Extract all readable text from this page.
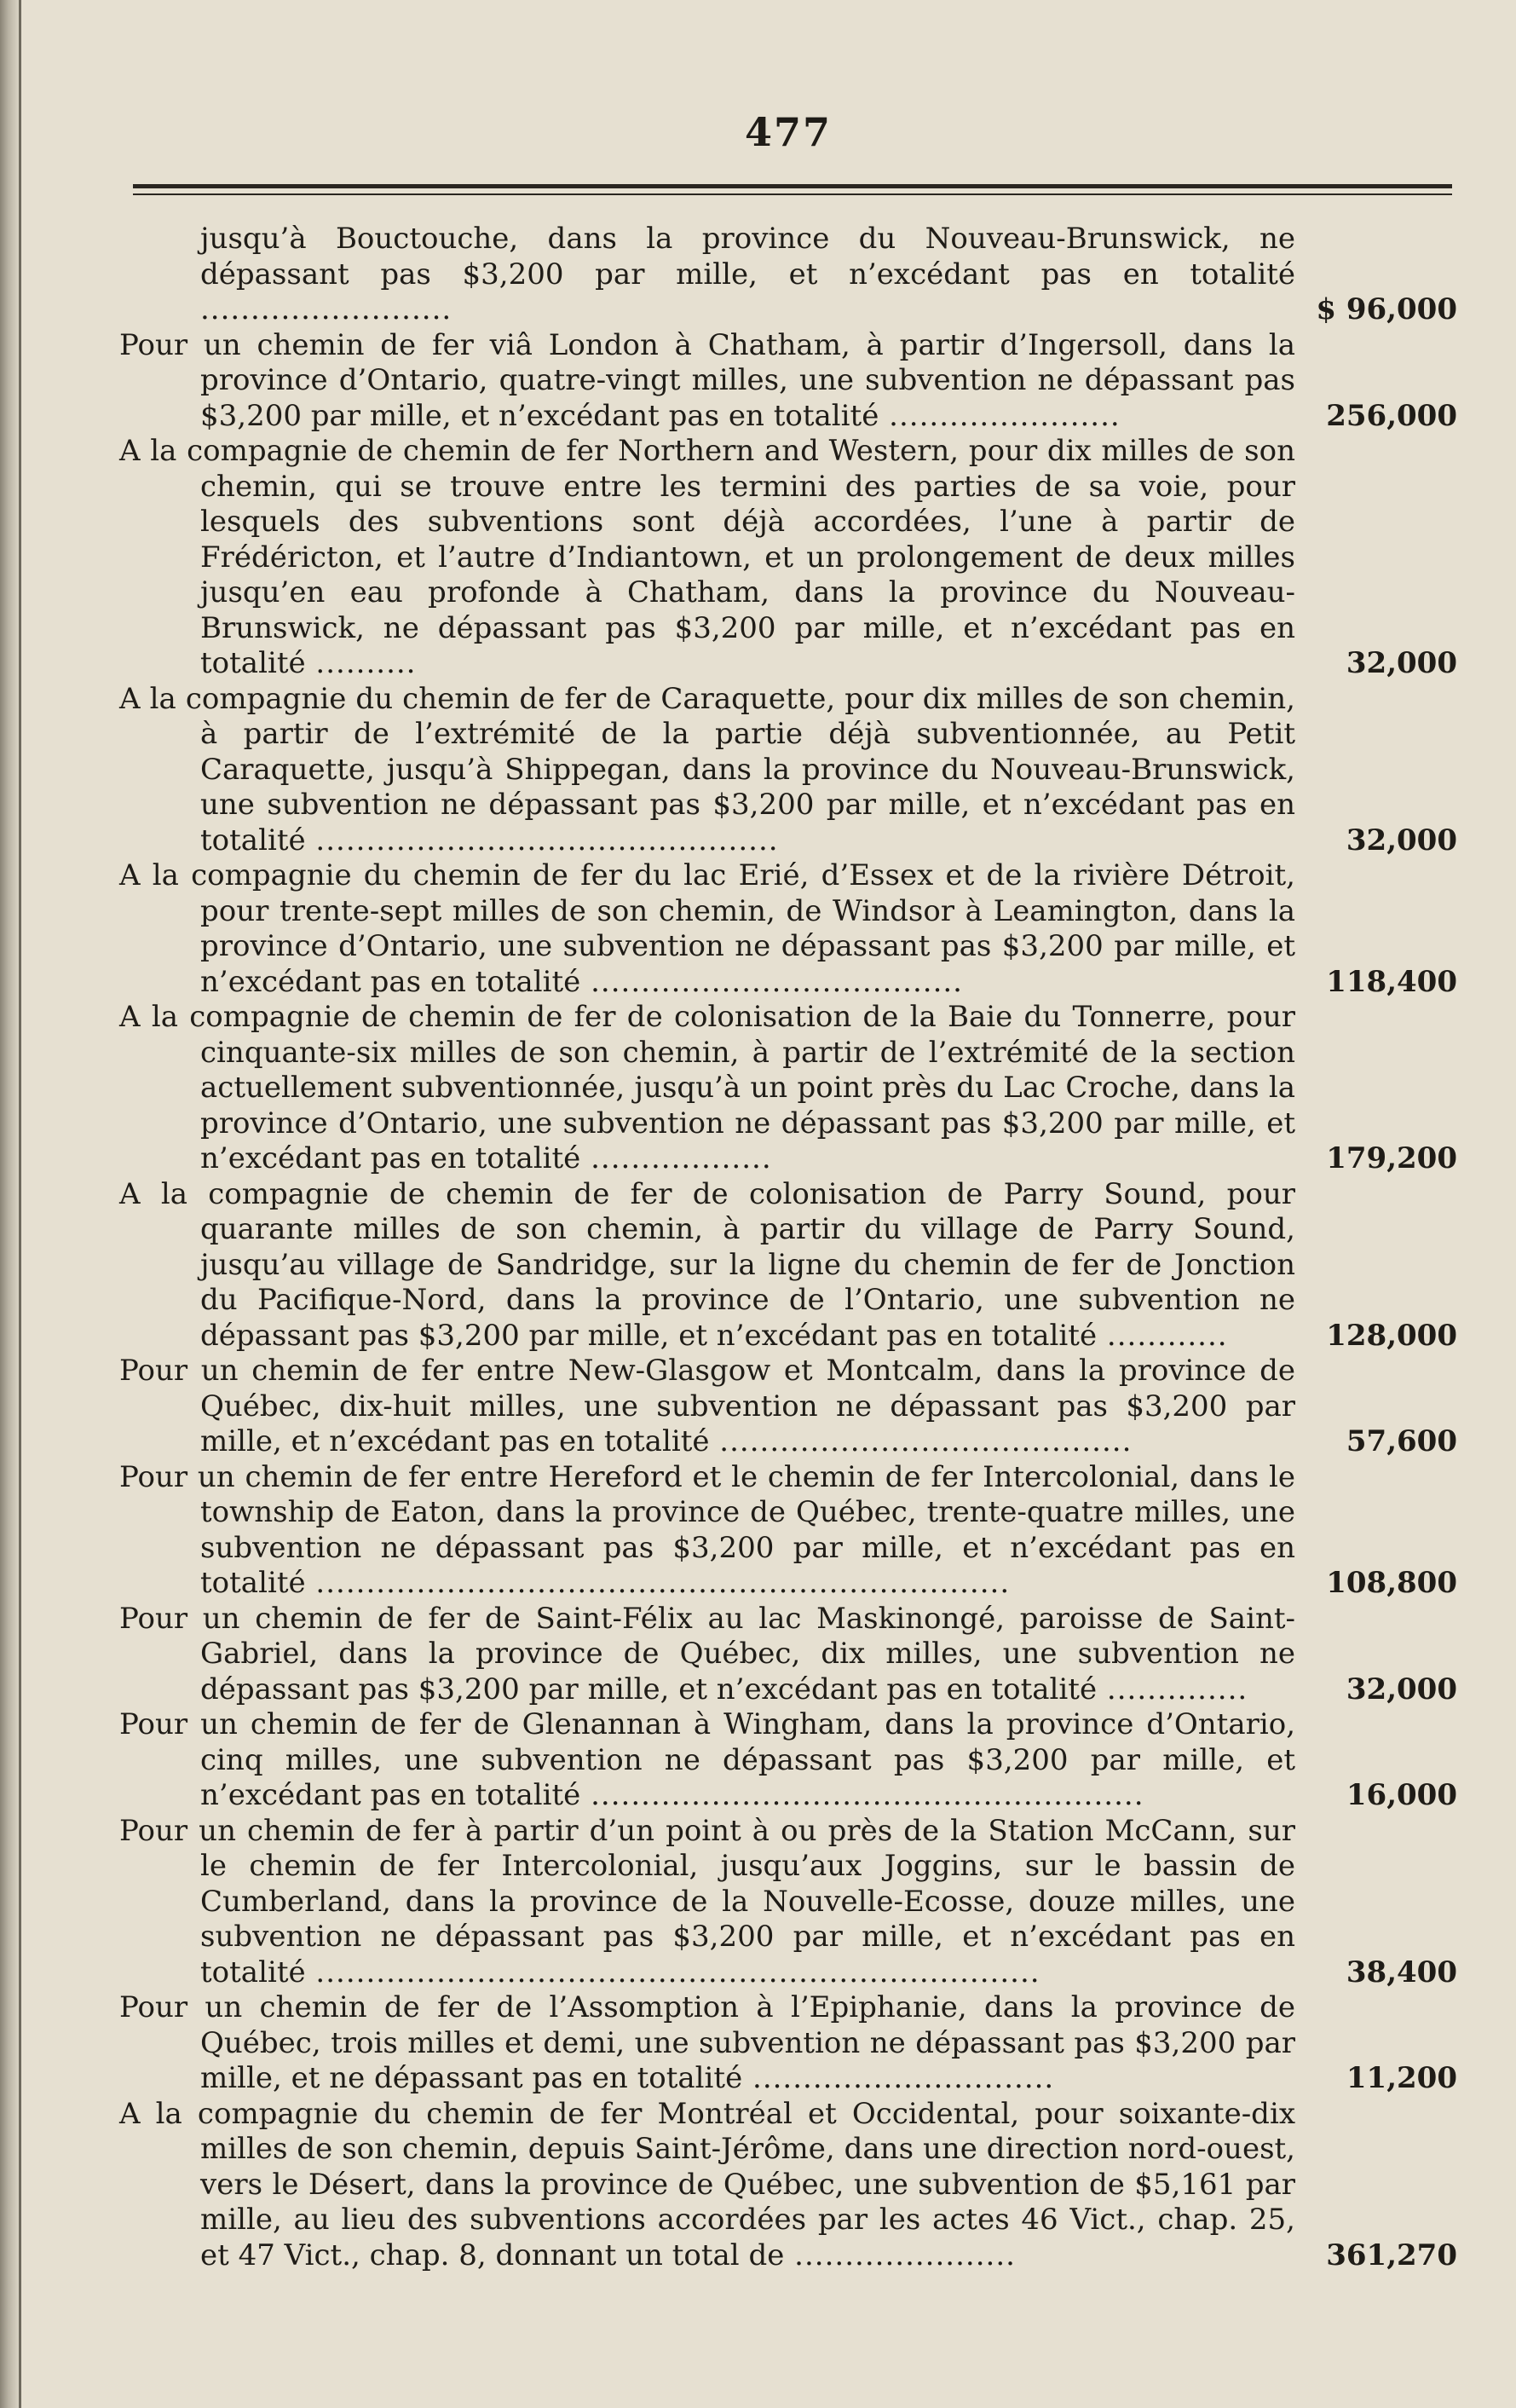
477
jusqu’à Bouctouche, dans la province du Nouveau-Brunswick, ne dépassant pas $3,200 par mille, et n’excédant pas en totalité .........................	$ 96,000
Pour un chemin de fer viâ London à Chatham, à partir d’Ingersoll, dans la province d’Ontario, quatre-vingt milles, une subvention ne dépassant pas $3,200 par mille, et n’excédant pas en totalité .......................	256,000
A la compagnie de chemin de fer Northern and Western, pour dix milles de son chemin, qui se trouve entre les termini des parties de sa voie, pour lesquels des subventions sont déjà accordées, l’une à partir de Frédéricton, et l’autre d’Indiantown, et un prolongement de deux milles jusqu’en eau profonde à Chatham, dans la province du Nouveau-Brunswick, ne dépassant pas $3,200 par mille, et n’excédant pas en totalité ..........	32,000
A la compagnie du chemin de fer de Caraquette, pour dix milles de son chemin, à partir de l’extrémité de la partie déjà subventionnée, au Petit Caraquette, jusqu’à Shippegan, dans la province du Nouveau-Brunswick, une subvention ne dépassant pas $3,200 par mille, et n’excédant pas en totalité ..............................................	32,000
A la compagnie du chemin de fer du lac Erié, d’Essex et de la rivière Détroit, pour trente-sept milles de son chemin, de Windsor à Leamington, dans la province d’Ontario, une subvention ne dépassant pas $3,200 par mille, et n’excédant pas en totalité .....................................	118,400
A la compagnie de chemin de fer de colonisation de la Baie du Tonnerre, pour cinquante-six milles de son chemin, à partir de l’extrémité de la section actuellement subventionnée, jusqu’à un point près du Lac Croche, dans la province d’Ontario, une subvention ne dépassant pas $3,200 par mille, et n’excédant pas en totalité ..................	179,200
A la compagnie de chemin de fer de colonisation de Parry Sound, pour quarante milles de son chemin, à partir du village de Parry Sound, jusqu’au village de Sandridge, sur la ligne du chemin de fer de Jonction du Pacifique-Nord, dans la province de l’Ontario, une subvention ne dépassant pas $3,200 par mille, et n’excédant pas en totalité ............	128,000
Pour un chemin de fer entre New-Glasgow et Montcalm, dans la province de Québec, dix-huit milles, une subvention ne dépassant pas $3,200 par mille, et n’excédant pas en totalité .........................................	57,600
Pour un chemin de fer entre Hereford et le chemin de fer Intercolonial, dans le township de Eaton, dans la province de Québec, trente-quatre milles, une subvention ne dépassant pas $3,200 par mille, et n’excédant pas en totalité .....................................................................	108,800
Pour un chemin de fer de Saint-Félix au lac Maskinongé, paroisse de Saint-Gabriel, dans la province de Québec, dix milles, une subvention ne dépassant pas $3,200 par mille, et n’excédant pas en totalité ..............	32,000
Pour un chemin de fer de Glenannan à Wingham, dans la province d’Ontario, cinq milles, une subvention ne dépassant pas $3,200 par mille, et n’excédant pas en totalité .......................................................	16,000
Pour un chemin de fer à partir d’un point à ou près de la Station McCann, sur le chemin de fer Intercolonial, jusqu’aux Joggins, sur le bassin de Cumberland, dans la province de la Nouvelle-Ecosse, douze milles, une subvention ne dépassant pas $3,200 par mille, et n’excédant pas en totalité ........................................................................	38,400
Pour un chemin de fer de l’Assomption à l’Epiphanie, dans la province de Québec, trois milles et demi, une subvention ne dépassant pas $3,200 par mille, et ne dépassant pas en totalité ..............................	11,200
A la compagnie du chemin de fer Montréal et Occidental, pour soixante-dix milles de son chemin, depuis Saint-Jérôme, dans une direction nord-ouest, vers le Désert, dans la province de Québec, une subvention de $5,161 par mille, au lieu des subventions accordées par les actes 46 Vict., chap. 25, et 47 Vict., chap. 8, donnant un total de ......................	361,270
